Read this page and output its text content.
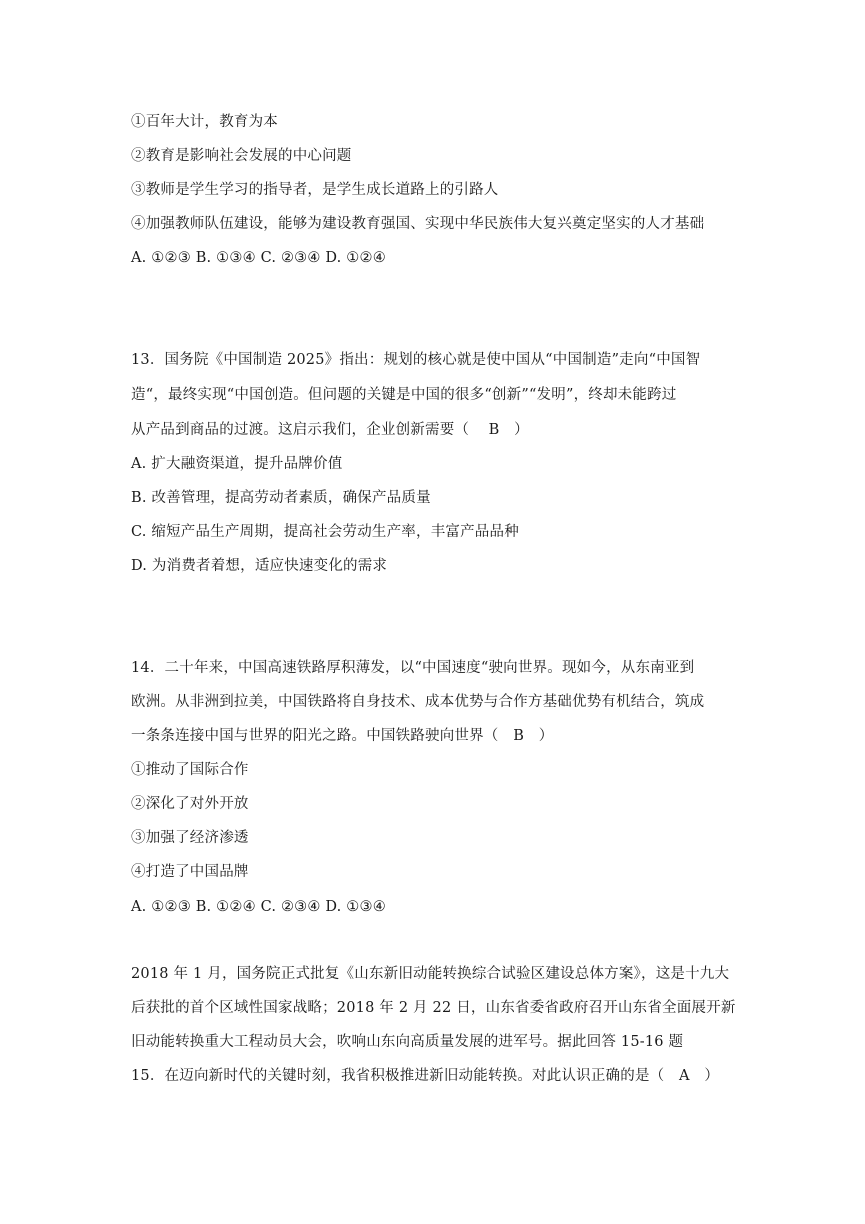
①百年大计，教育为本
②教育是影响社会发展的中心问题
③教师是学生学习的指导者，是学生成长道路上的引路人
④加强教师队伍建设，能够为建设教育强国、实现中华民族伟大复兴奠定坚实的人才基础
A. ①②③ B. ①③④ C. ②③④ D. ①②④
13．国务院《中国制造 2025》指出：规划的核心就是使中国从“中国制造”走向“中国智
造“，最终实现“中国创造。但问题的关键是中国的很多“创新”“发明”，终却未能跨过
从产品到商品的过渡。这启示我们，企业创新需要（　 B　）
A. 扩大融资渠道，提升品牌价值
B. 改善管理，提高劳动者素质，确保产品质量
C. 缩短产品生产周期，提高社会劳动生产率，丰富产品品种
D. 为消费者着想，适应快速变化的需求
14．二十年来，中国高速铁路厚积薄发，以“中国速度“驶向世界。现如今，从东南亚到
欧洲。从非洲到拉美，中国铁路将自身技术、成本优势与合作方基础优势有机结合，筑成
一条条连接中国与世界的阳光之路。中国铁路驶向世界（　B　）
①推动了国际合作
②深化了对外开放
③加强了经济渗透
④打造了中国品牌
A. ①②③ B. ①②④ C. ②③④ D. ①③④
2018 年 1 月，国务院正式批复《山东新旧动能转换综合试验区建设总体方案》，这是十九大
后获批的首个区域性国家战略；2018 年 2 月 22 日，山东省委省政府召开山东省全面展开新
旧动能转换重大工程动员大会，吹响山东向高质量发展的进军号。据此回答 15-16 题
15．在迈向新时代的关键时刻，我省积极推进新旧动能转换。对此认识正确的是（　A　）
